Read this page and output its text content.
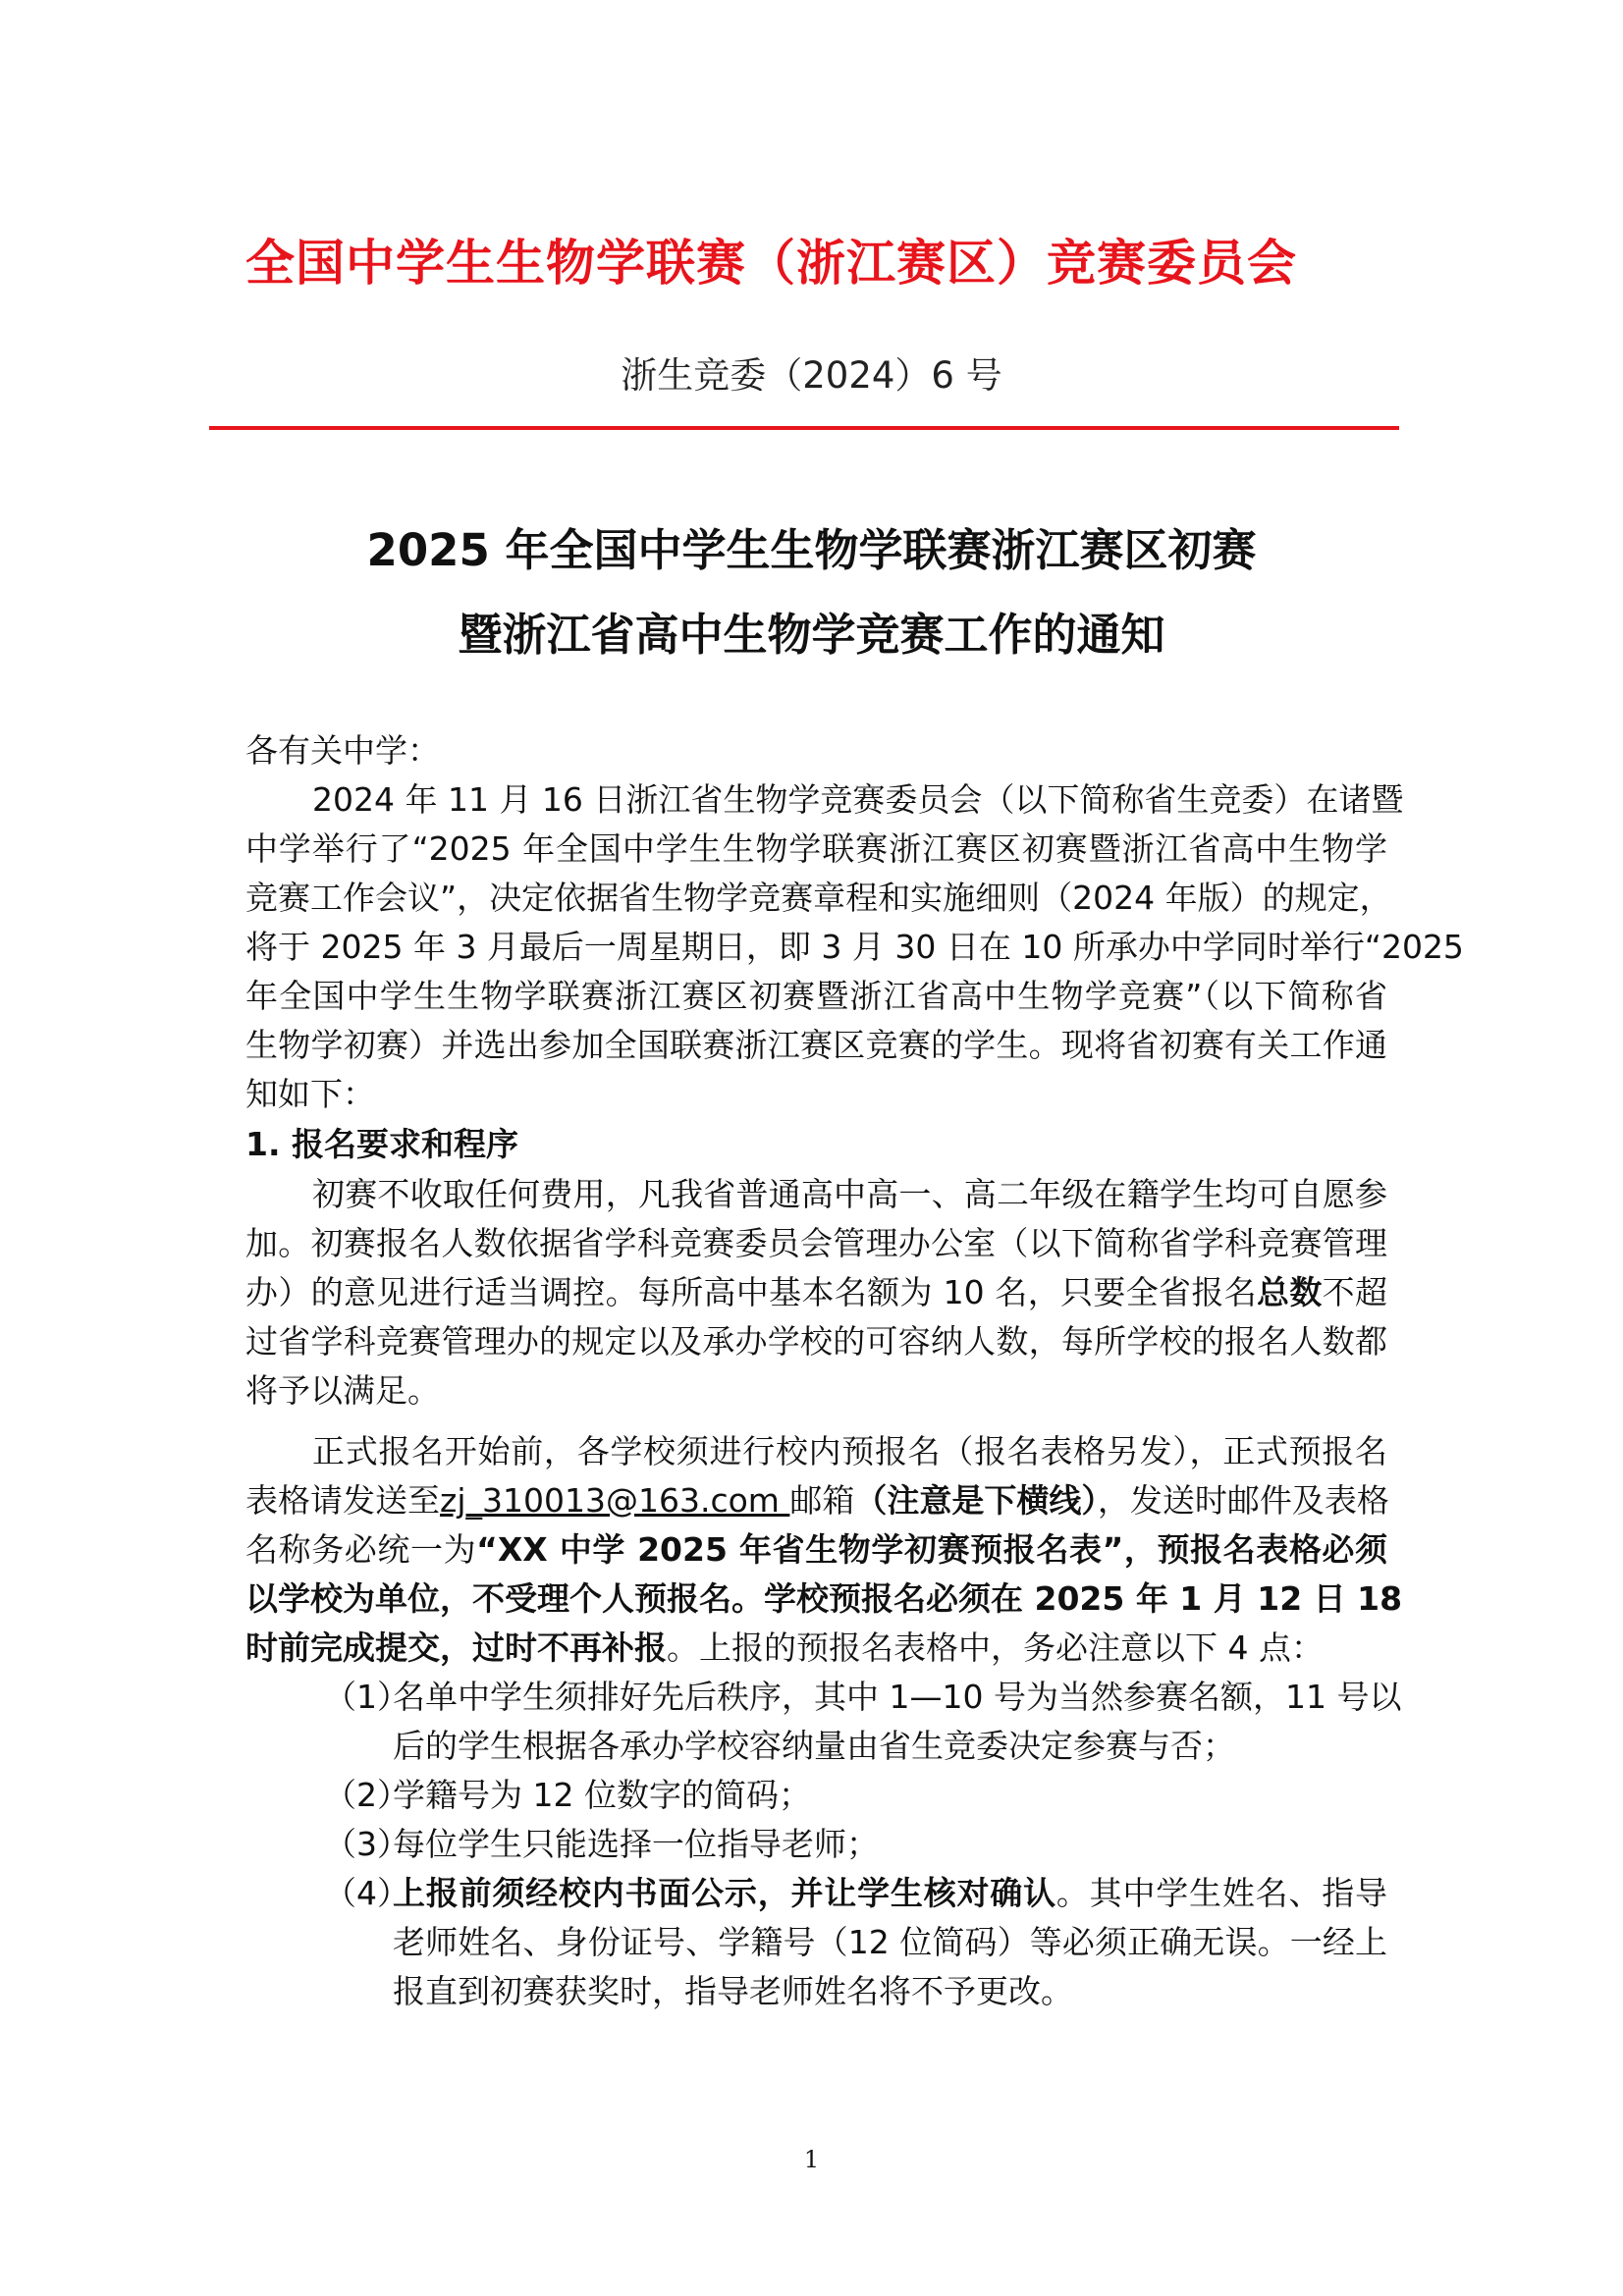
全国中学生生物学联赛（浙江赛区）竞赛委员会
浙生竞委（2024）6 号
2025 年全国中学生生物学联赛浙江赛区初赛
暨浙江省高中生物学竞赛工作的通知
各有关中学：
2024 年 11 月 16 日浙江省生物学竞赛委员会（以下简称省生竞委）在诸暨
中学举行了“2025 年全国中学生生物学联赛浙江赛区初赛暨浙江省高中生物学
竞赛工作会议”，决定依据省生物学竞赛章程和实施细则（2024 年版）的规定，
将于 2025 年 3 月最后一周星期日，即 3 月 30 日在 10 所承办中学同时举行“2025
年全国中学生生物学联赛浙江赛区初赛暨浙江省高中生物学竞赛”（以下简称省
生物学初赛）并选出参加全国联赛浙江赛区竞赛的学生。现将省初赛有关工作通
知如下：
1. 报名要求和程序
初赛不收取任何费用，凡我省普通高中高一、高二年级在籍学生均可自愿参
加。初赛报名人数依据省学科竞赛委员会管理办公室（以下简称省学科竞赛管理
办）的意见进行适当调控。每所高中基本名额为 10 名，只要全省报名总数不超
过省学科竞赛管理办的规定以及承办学校的可容纳人数，每所学校的报名人数都
将予以满足。
正式报名开始前，各学校须进行校内预报名（报名表格另发），正式预报名
表格请发送至zj_310013@163.com 邮箱（注意是下横线），发送时邮件及表格
名称务必统一为“XX 中学 2025 年省生物学初赛预报名表”，预报名表格必须
以学校为单位，不受理个人预报名。学校预报名必须在 2025 年 1 月 12 日 18
时前完成提交，过时不再补报。上报的预报名表格中，务必注意以下 4 点：
（1）
名单中学生须排好先后秩序，其中 1—10 号为当然参赛名额，11 号以
后的学生根据各承办学校容纳量由省生竞委决定参赛与否；
（2）
学籍号为 12 位数字的简码；
（3）
每位学生只能选择一位指导老师；
（4）
上报前须经校内书面公示，并让学生核对确认。其中学生姓名、指导
老师姓名、身份证号、学籍号（12 位简码）等必须正确无误。一经上
报直到初赛获奖时，指导老师姓名将不予更改。
1
